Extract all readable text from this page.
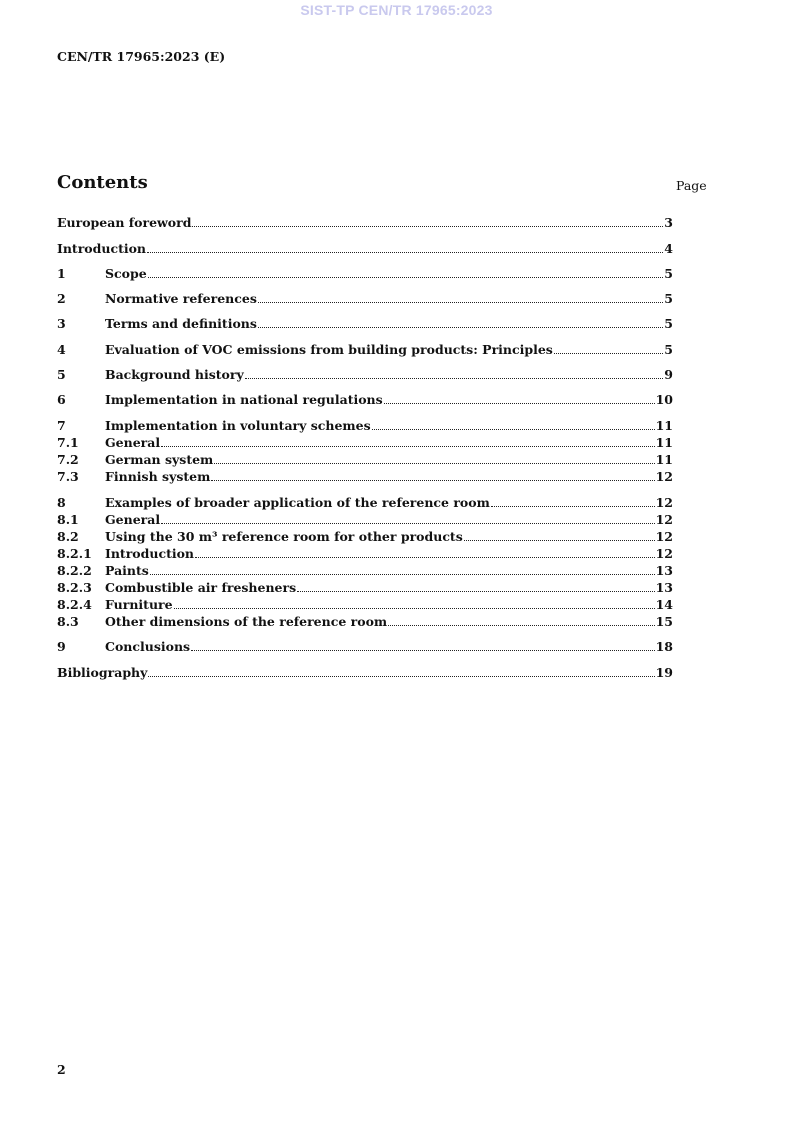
SIST-TP CEN/TR 17965:2023
CEN/TR 17965:2023 (E)
Contents	Page
European foreword	3
Introduction	4
1	Scope	5
2	Normative references	5
3	Terms and definitions	5
4	Evaluation of VOC emissions from building products: Principles	5
5	Background history	9
6	Implementation in national regulations	10
7	Implementation in voluntary schemes	11
7.1	General	11
7.2	German system	11
7.3	Finnish system	12
8	Examples of broader application of the reference room	12
8.1	General	12
8.2	Using the 30 m³ reference room for other products	12
8.2.1	Introduction	12
8.2.2	Paints	13
8.2.3	Combustible air fresheners	13
8.2.4	Furniture	14
8.3	Other dimensions of the reference room	15
9	Conclusions	18
Bibliography	19
2
